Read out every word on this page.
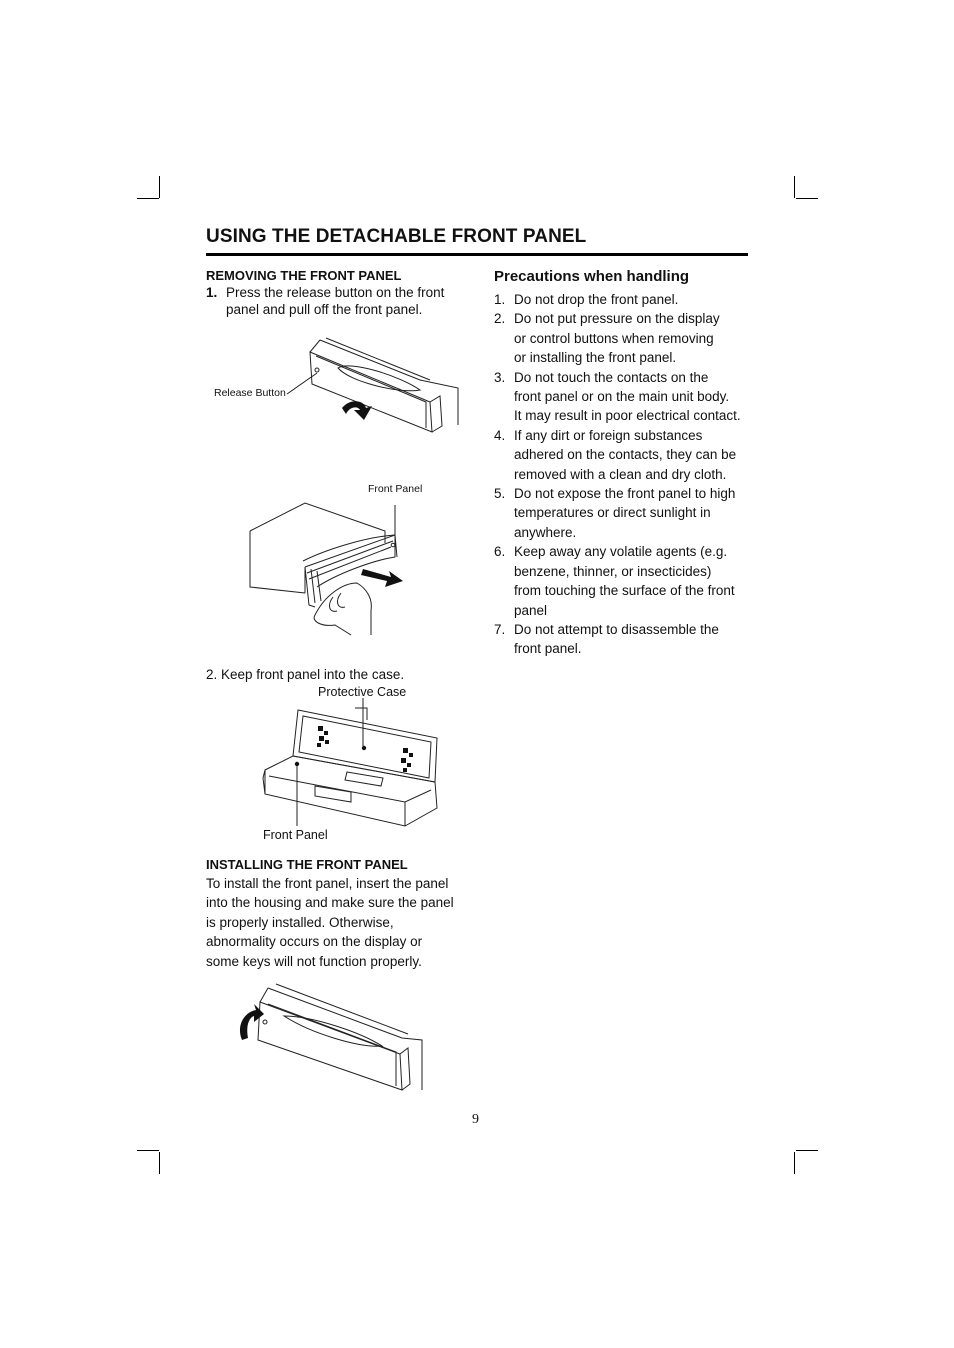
USING THE DETACHABLE FRONT PANEL
REMOVING THE FRONT PANEL
1. Press the release button on the front
panel and pull off the front panel.
Release Button
Front Panel
2. Keep front panel into the case.
Protective Case
Front Panel
INSTALLING THE FRONT PANEL
To install the front panel, insert the panel
into the housing and make sure the panel
is properly installed. Otherwise,
abnormality occurs on the display or
some keys will not function properly.
Precautions when handling
1. Do not drop the front panel.
2. Do not put pressure on the display
or control buttons when removing
or installing the front panel.
3. Do not touch the contacts on the
front panel or on the main unit body.
It may result in poor electrical contact.
4. If any dirt or foreign substances
adhered on the contacts, they can be
removed with a clean and dry cloth.
5. Do not expose the front panel to high
temperatures or direct sunlight in
anywhere.
6. Keep away any volatile agents (e.g.
benzene, thinner, or insecticides)
from touching the surface of the front
panel
7. Do not attempt to disassemble the
front panel.
9
